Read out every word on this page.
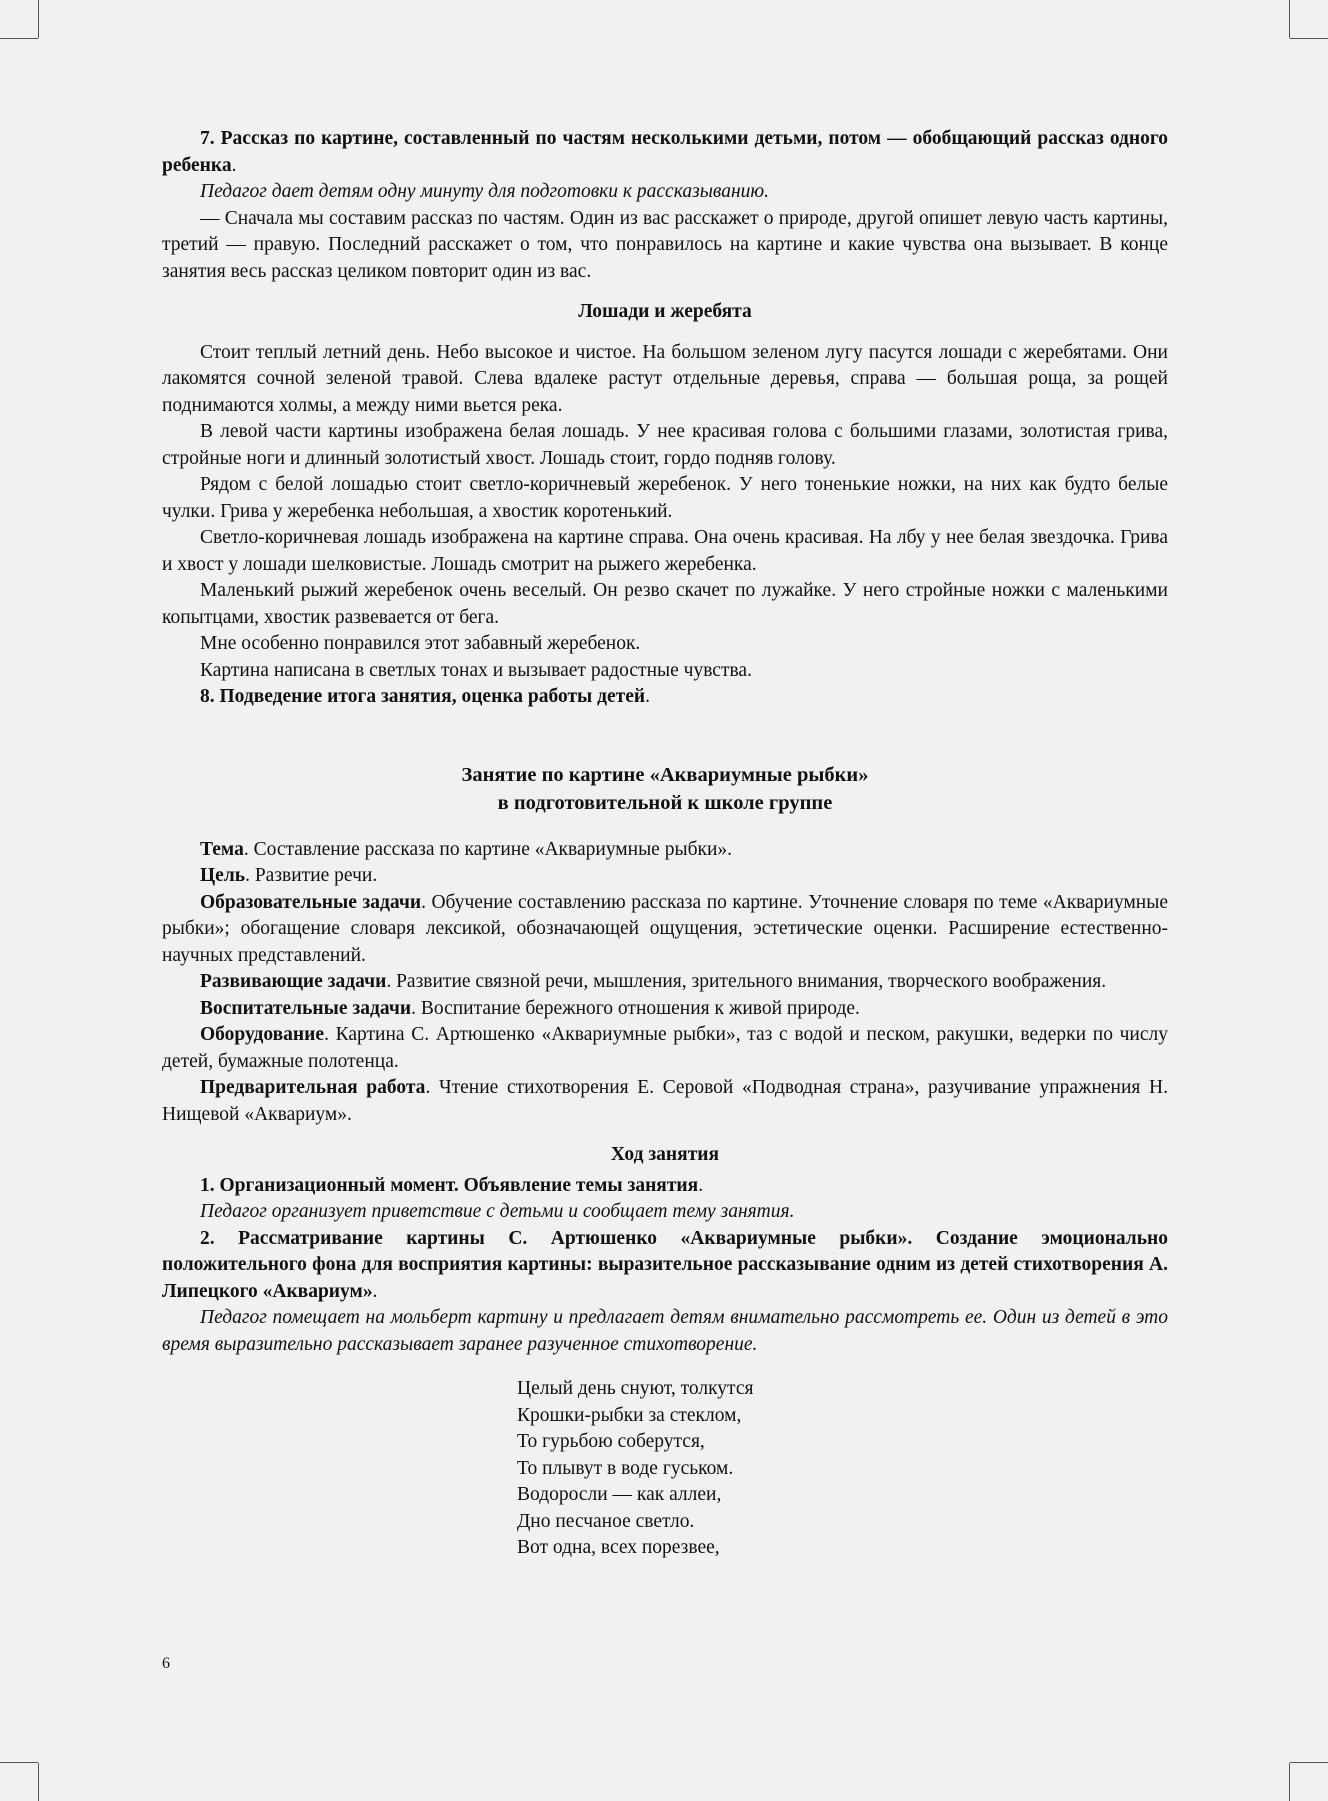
7. Рассказ по картине, составленный по частям несколькими детьми, потом — обобщающий рассказ одного ребенка.

Педагог дает детям одну минуту для подготовки к рассказыванию.

— Сначала мы составим рассказ по частям. Один из вас расскажет о природе, другой опишет левую часть картины, третий — правую. Последний расскажет о том, что понравилось на картине и какие чувства она вызывает. В конце занятия весь рассказ целиком повторит один из вас.

Лошади и жеребята

Стоит теплый летний день. Небо высокое и чистое. На большом зеленом лугу пасутся лошади с жеребятами. Они лакомятся сочной зеленой травой. Слева вдалеке растут отдельные деревья, справа — большая роща, за рощей поднимаются холмы, а между ними вьется река.

В левой части картины изображена белая лошадь. У нее красивая голова с большими глазами, золотистая грива, стройные ноги и длинный золотистый хвост. Лошадь стоит, гордо подняв голову.

Рядом с белой лошадью стоит светло-коричневый жеребенок. У него тоненькие ножки, на них как будто белые чулки. Грива у жеребенка небольшая, а хвостик коротенький.

Светло-коричневая лошадь изображена на картине справа. Она очень красивая. На лбу у нее белая звездочка. Грива и хвост у лошади шелковистые. Лошадь смотрит на рыжего жеребенка.

Маленький рыжий жеребенок очень веселый. Он резво скачет по лужайке. У него стройные ножки с маленькими копытцами, хвостик развевается от бега.

Мне особенно понравился этот забавный жеребенок.

Картина написана в светлых тонах и вызывает радостные чувства.

8. Подведение итога занятия, оценка работы детей.

Занятие по картине «Аквариумные рыбки»

в подготовительной к школе группе

Тема. Составление рассказа по картине «Аквариумные рыбки».

Цель. Развитие речи.

Образовательные задачи. Обучение составлению рассказа по картине. Уточнение словаря по теме «Аквариумные рыбки»; обогащение словаря лексикой, обозначающей ощущения, эстетические оценки. Расширение естественно-научных представлений.

Развивающие задачи. Развитие связной речи, мышления, зрительного внимания, творческого воображения.

Воспитательные задачи. Воспитание бережного отношения к живой природе.

Оборудование. Картина С. Артюшенко «Аквариумные рыбки», таз с водой и песком, ракушки, ведерки по числу детей, бумажные полотенца.

Предварительная работа. Чтение стихотворения Е. Серовой «Подводная страна», разучивание упражнения Н. Нищевой «Аквариум».

Ход занятия

1. Организационный момент. Объявление темы занятия.

Педагог организует приветствие с детьми и сообщает тему занятия.

2. Рассматривание картины С. Артюшенко «Аквариумные рыбки». Создание эмоционально положительного фона для восприятия картины: выразительное рассказывание одним из детей стихотворения А. Липецкого «Аквариум».

Педагог помещает на мольберт картину и предлагает детям внимательно рассмотреть ее. Один из детей в это время выразительно рассказывает заранее разученное стихотворение.

Целый день снуют, толкутся
Крошки-рыбки за стеклом,
То гурьбою соберутся,
То плывут в воде гуськом.
Водоросли — как аллеи,
Дно песчаное светло.
Вот одна, всех порезвее,
6
